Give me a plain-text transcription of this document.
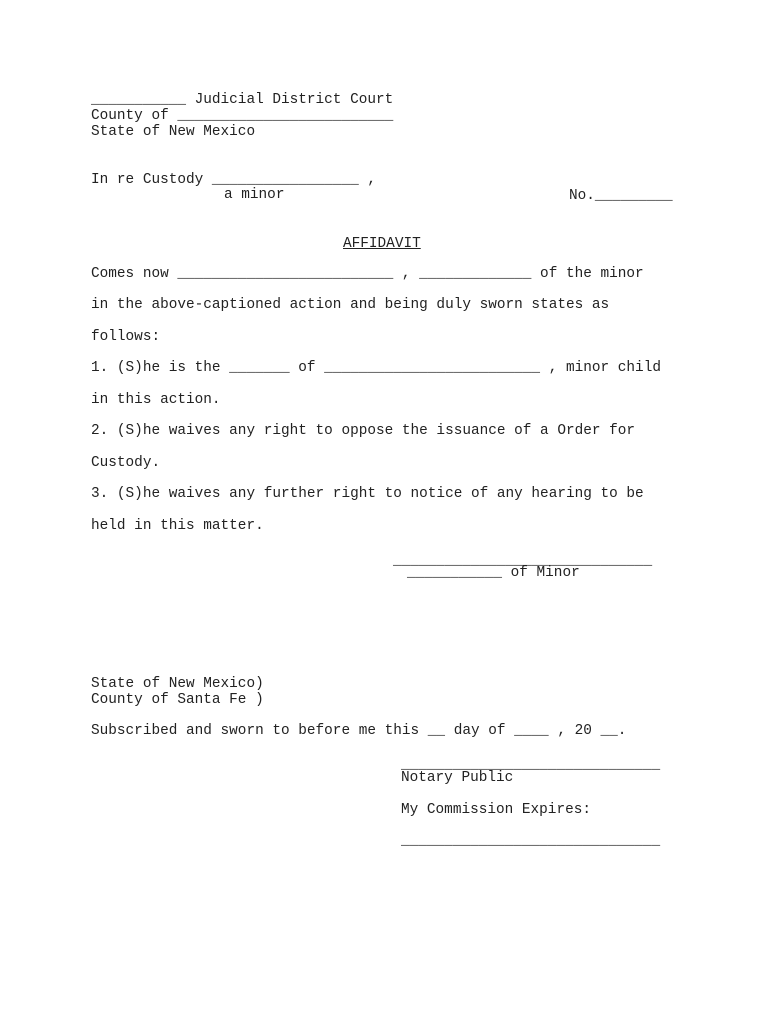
___________ Judicial District Court
County of _________________________
State of New Mexico
In re Custody _________________ ,
a minor	No._________
AFFIDAVIT
Comes now _________________________ , _____________ of the minor
in the above-captioned action and being duly sworn states as
follows:
1. (S)he is the _______ of _________________________ , minor child
in this action.
2. (S)he waives any right to oppose the issuance of a Order for
Custody.
3. (S)he waives any further right to notice of any hearing to be
held in this matter.
______________________________
___________ of Minor
State of New Mexico)
County of Santa Fe )
Subscribed and sworn to before me this __ day of ____ , 20 __.
______________________________
Notary Public
My Commission Expires:
______________________________
